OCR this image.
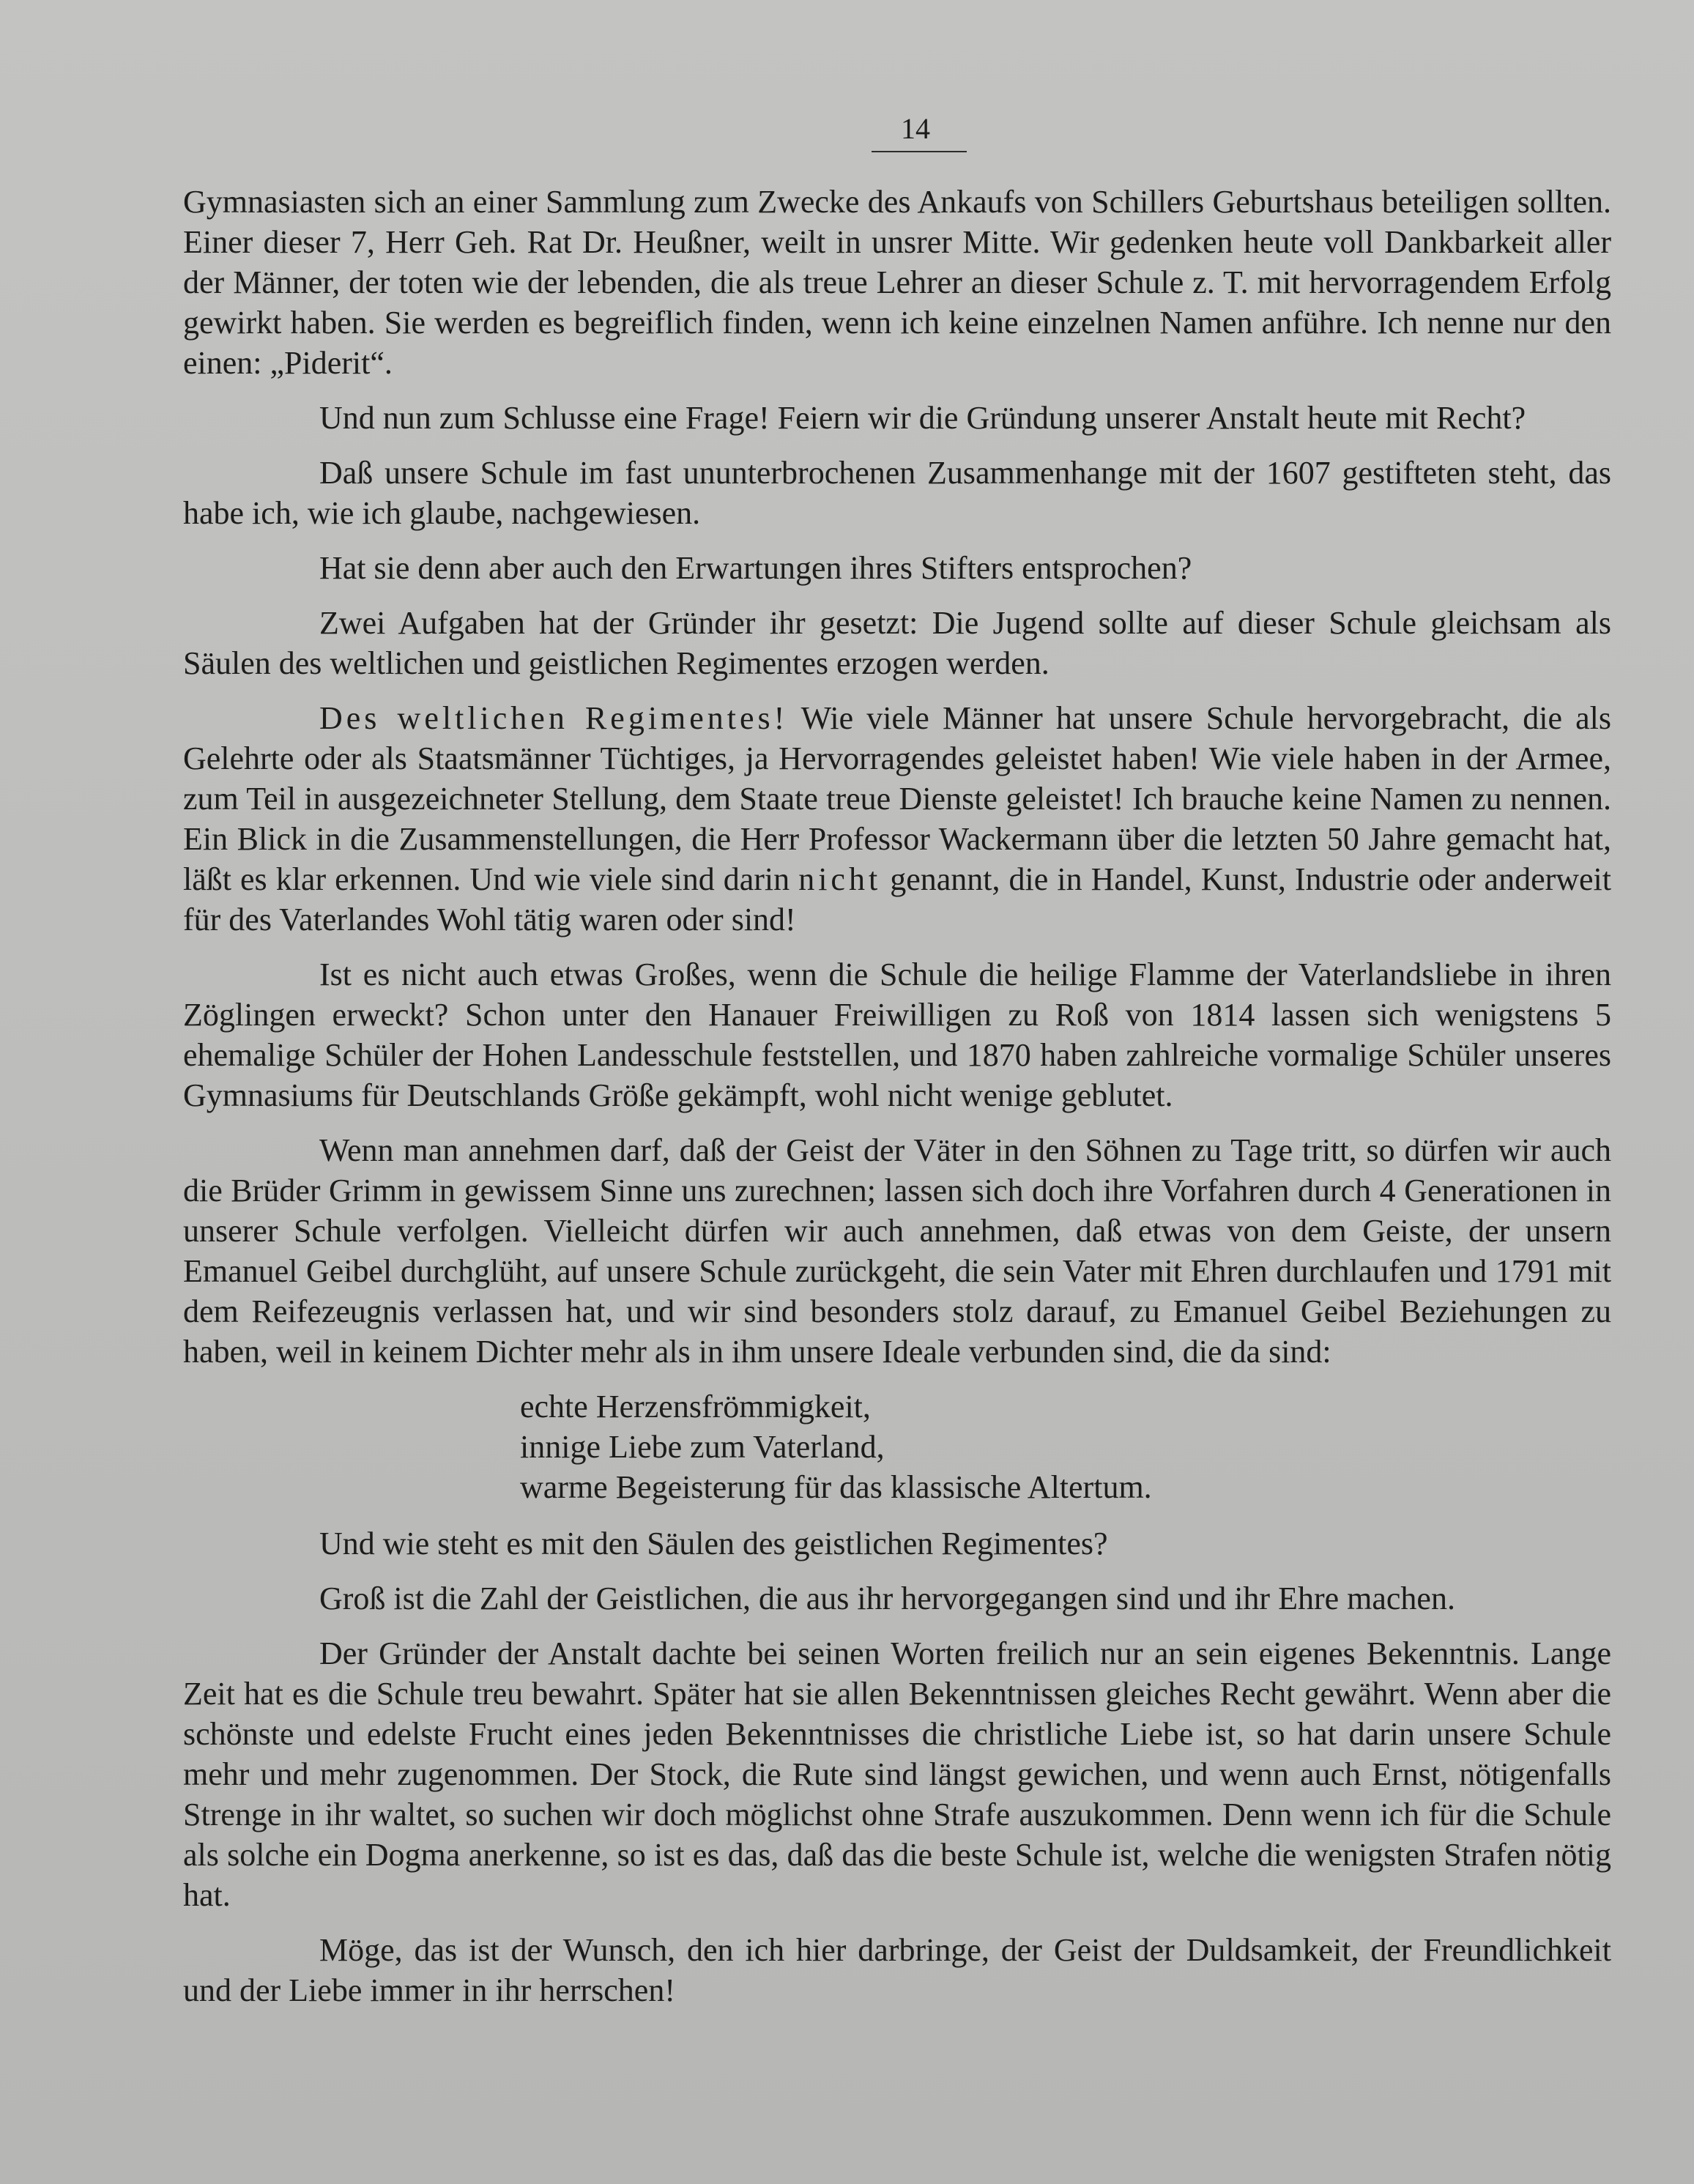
14

Gymnasiasten sich an einer Sammlung zum Zwecke des Ankaufs von Schillers Geburtshaus beteiligen sollten. Einer dieser 7, Herr Geh. Rat Dr. Heußner, weilt in unsrer Mitte. Wir gedenken heute voll Dankbarkeit aller der Männer, der toten wie der lebenden, die als treue Lehrer an dieser Schule z. T. mit hervorragendem Erfolg gewirkt haben. Sie werden es begreiflich finden, wenn ich keine einzelnen Namen anführe. Ich nenne nur den einen: „Piderit“.

Und nun zum Schlusse eine Frage! Feiern wir die Gründung unserer Anstalt heute mit Recht?

Daß unsere Schule im fast ununterbrochenen Zusammenhange mit der 1607 gestifteten steht, das habe ich, wie ich glaube, nachgewiesen.

Hat sie denn aber auch den Erwartungen ihres Stifters entsprochen?

Zwei Aufgaben hat der Gründer ihr gesetzt: Die Jugend sollte auf dieser Schule gleichsam als Säulen des weltlichen und geistlichen Regimentes erzogen werden.

Des weltlichen Regimentes! Wie viele Männer hat unsere Schule hervorgebracht, die als Gelehrte oder als Staatsmänner Tüchtiges, ja Hervorragendes geleistet haben! Wie viele haben in der Armee, zum Teil in ausgezeichneter Stellung, dem Staate treue Dienste geleistet! Ich brauche keine Namen zu nennen. Ein Blick in die Zusammenstellungen, die Herr Professor Wackermann über die letzten 50 Jahre gemacht hat, läßt es klar erkennen. Und wie viele sind darin nicht genannt, die in Handel, Kunst, Industrie oder anderweit für des Vaterlandes Wohl tätig waren oder sind!

Ist es nicht auch etwas Großes, wenn die Schule die heilige Flamme der Vaterlandsliebe in ihren Zöglingen erweckt? Schon unter den Hanauer Freiwilligen zu Roß von 1814 lassen sich wenigstens 5 ehemalige Schüler der Hohen Landesschule feststellen, und 1870 haben zahlreiche vormalige Schüler unseres Gymnasiums für Deutschlands Größe gekämpft, wohl nicht wenige geblutet.

Wenn man annehmen darf, daß der Geist der Väter in den Söhnen zu Tage tritt, so dürfen wir auch die Brüder Grimm in gewissem Sinne uns zurechnen; lassen sich doch ihre Vorfahren durch 4 Generationen in unserer Schule verfolgen. Vielleicht dürfen wir auch annehmen, daß etwas von dem Geiste, der unsern Emanuel Geibel durchglüht, auf unsere Schule zurückgeht, die sein Vater mit Ehren durchlaufen und 1791 mit dem Reifezeugnis verlassen hat, und wir sind besonders stolz darauf, zu Emanuel Geibel Beziehungen zu haben, weil in keinem Dichter mehr als in ihm unsere Ideale verbunden sind, die da sind:

echte Herzensfrömmigkeit,
innige Liebe zum Vaterland,
warme Begeisterung für das klassische Altertum.

Und wie steht es mit den Säulen des geistlichen Regimentes?

Groß ist die Zahl der Geistlichen, die aus ihr hervorgegangen sind und ihr Ehre machen.

Der Gründer der Anstalt dachte bei seinen Worten freilich nur an sein eigenes Bekenntnis. Lange Zeit hat es die Schule treu bewahrt. Später hat sie allen Bekenntnissen gleiches Recht gewährt. Wenn aber die schönste und edelste Frucht eines jeden Bekenntnisses die christliche Liebe ist, so hat darin unsere Schule mehr und mehr zugenommen. Der Stock, die Rute sind längst gewichen, und wenn auch Ernst, nötigenfalls Strenge in ihr waltet, so suchen wir doch möglichst ohne Strafe auszukommen. Denn wenn ich für die Schule als solche ein Dogma anerkenne, so ist es das, daß das die beste Schule ist, welche die wenigsten Strafen nötig hat.

Möge, das ist der Wunsch, den ich hier darbringe, der Geist der Duldsamkeit, der Freundlichkeit und der Liebe immer in ihr herrschen!
